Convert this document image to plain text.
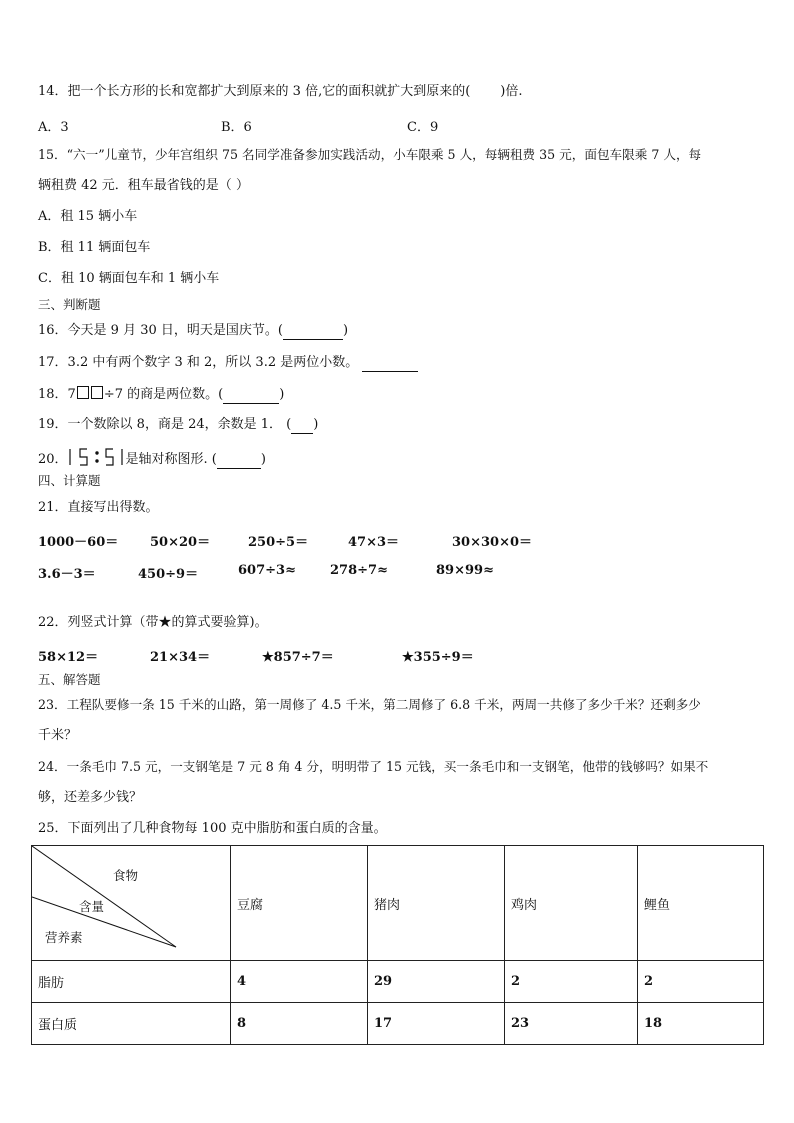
14．把一个长方形的长和宽都扩大到原来的 3 倍,它的面积就扩大到原来的( )倍.
A．3	B．6	C．9
15．“六一”儿童节，少年宫组织 75 名同学准备参加实践活动，小车限乘 5 人，每辆租费 35 元，面包车限乘 7 人，每
辆租费 42 元．租车最省钱的是（ ）
A．租 15 辆小车
B．租 11 辆面包车
C．租 10 辆面包车和 1 辆小车
三、判断题
16．今天是 9 月 30 日，明天是国庆节。(	)
17．3.2 中有两个数字 3 和 2，所以 3.2 是两位小数。
18．7 ÷7 的商是两位数。(	)
19．一个数除以 8，商是 24，余数是 1． ( )
20．	是轴对称图形. (	)
四、计算题
21．直接写出得数。
1000－60＝ 50×20＝	250÷5＝	47×3＝	30×30×0＝
3.6－3＝	450÷9＝	607÷3≈	278÷7≈	89×99≈
22．列竖式计算（带★的算式要验算)。
58×12＝	21×34＝	★857÷7＝	★355÷9＝
五、解答题
23．工程队要修一条 15 千米的山路，第一周修了 4.5 千米，第二周修了 6.8 千米，两周一共修了多少千米？还剩多少
千米？
24．一条毛巾 7.5 元，一支钢笔是 7 元 8 角 4 分，明明带了 15 元钱，买一条毛巾和一支钢笔，他带的钱够吗？如果不
够，还差多少钱？
25．下面列出了几种食物每 100 克中脂肪和蛋白质的含量。
食物
含量
营养素	豆腐	猪肉	鸡肉	鲤鱼
脂肪	4	29	2	2
蛋白质	8	17	23	18
